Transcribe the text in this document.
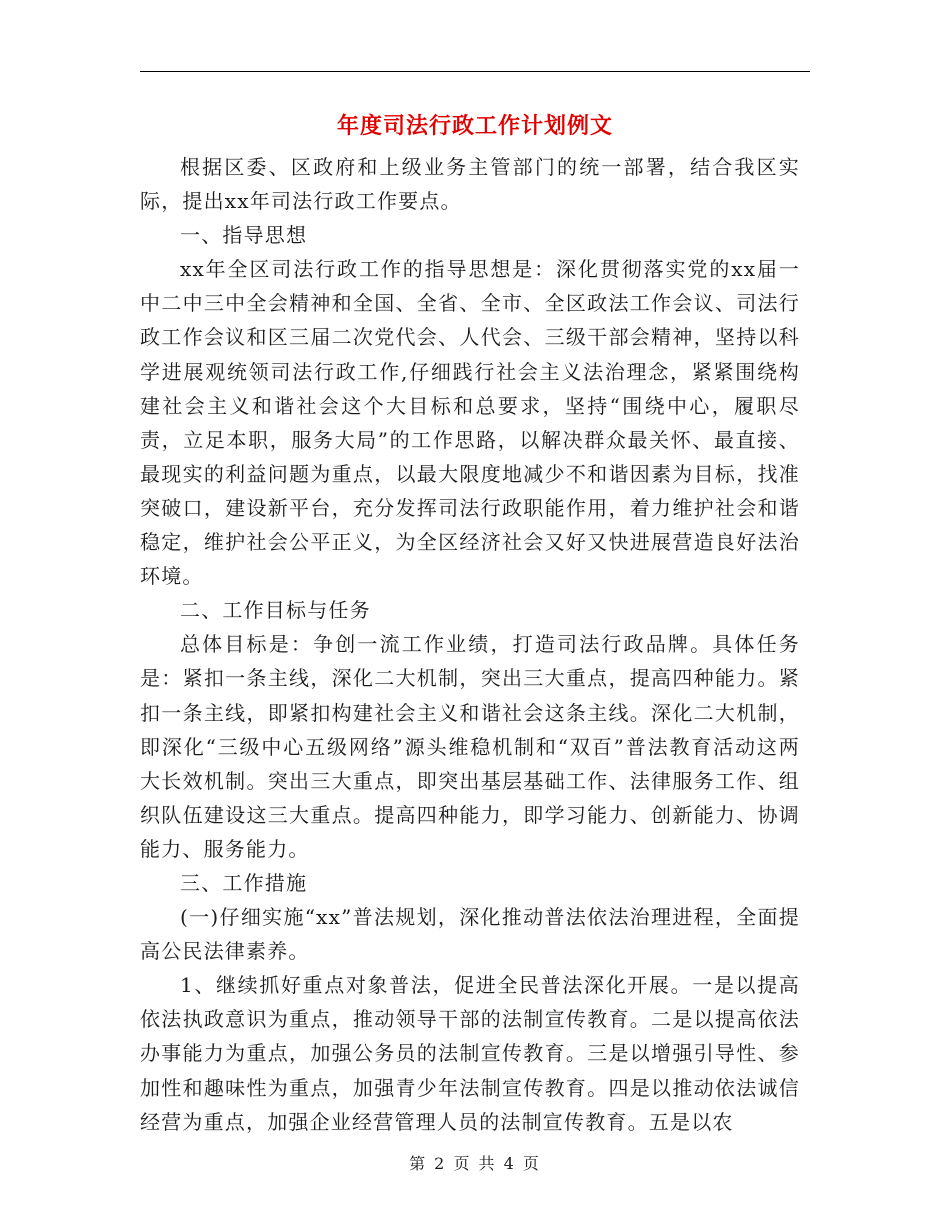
年度司法行政工作计划例文

根据区委、区政府和上级业务主管部门的统一部署，结合我区实际，提出xx年司法行政工作要点。

一、指导思想

xx年全区司法行政工作的指导思想是：深化贯彻落实党的xx届一中二中三中全会精神和全国、全省、全市、全区政法工作会议、司法行政工作会议和区三届二次党代会、人代会、三级干部会精神，坚持以科学进展观统领司法行政工作,仔细践行社会主义法治理念，紧紧围绕构建社会主义和谐社会这个大目标和总要求，坚持“围绕中心，履职尽责，立足本职，服务大局”的工作思路，以解决群众最关怀、最直接、最现实的利益问题为重点，以最大限度地减少不和谐因素为目标，找准突破口，建设新平台，充分发挥司法行政职能作用，着力维护社会和谐稳定，维护社会公平正义，为全区经济社会又好又快进展营造良好法治环境。

二、工作目标与任务

总体目标是：争创一流工作业绩，打造司法行政品牌。具体任务是：紧扣一条主线，深化二大机制，突出三大重点，提高四种能力。紧扣一条主线，即紧扣构建社会主义和谐社会这条主线。深化二大机制，即深化“三级中心五级网络”源头维稳机制和“双百”普法教育活动这两大长效机制。突出三大重点，即突出基层基础工作、法律服务工作、组织队伍建设这三大重点。提高四种能力，即学习能力、创新能力、协调能力、服务能力。

三、工作措施

(一)仔细实施“xx”普法规划，深化推动普法依法治理进程，全面提高公民法律素养。

1、继续抓好重点对象普法，促进全民普法深化开展。一是以提高依法执政意识为重点，推动领导干部的法制宣传教育。二是以提高依法办事能力为重点，加强公务员的法制宣传教育。三是以增强引导性、参加性和趣味性为重点，加强青少年法制宣传教育。四是以推动依法诚信经营为重点，加强企业经营管理人员的法制宣传教育。五是以农

第 2 页 共 4 页
